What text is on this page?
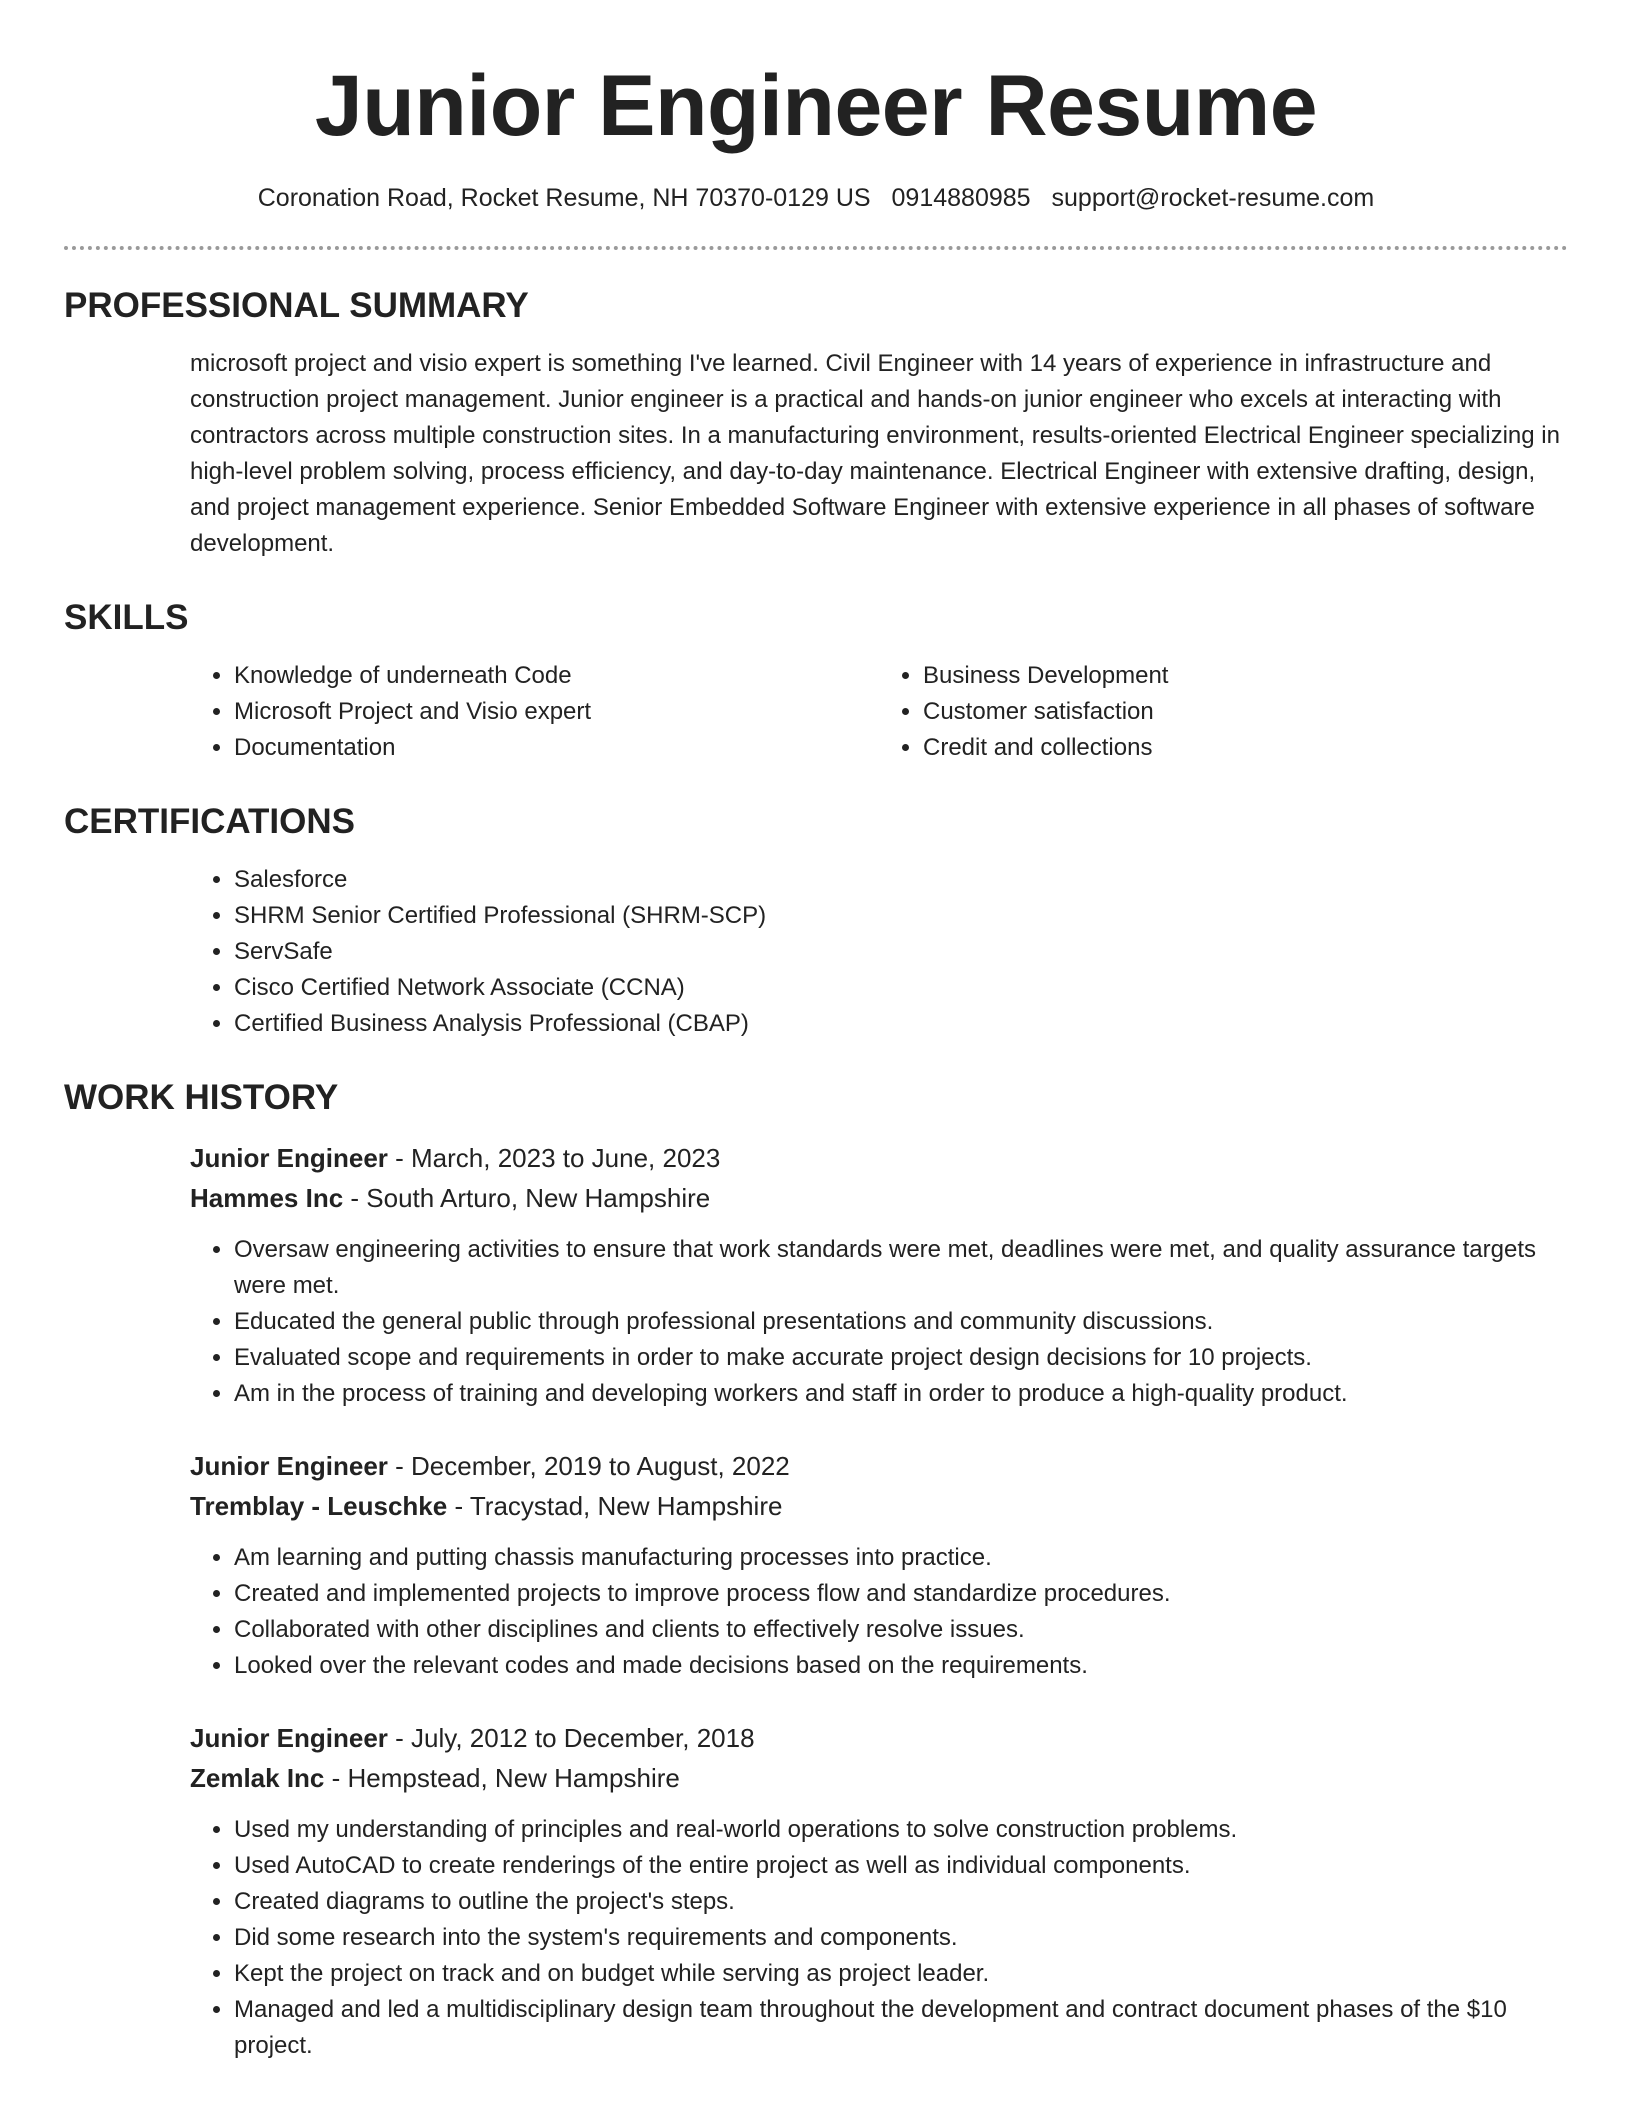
Junior Engineer Resume
Coronation Road, Rocket Resume, NH 70370-0129 US 0914880985 support@rocket-resume.com
PROFESSIONAL SUMMARY

microsoft project and visio expert is something I've learned. Civil Engineer with 14 years of experience in infrastructure and construction project management. Junior engineer is a practical and hands-on junior engineer who excels at interacting with contractors across multiple construction sites. In a manufacturing environment, results-oriented Electrical Engineer specializing in high-level problem solving, process efficiency, and day-to-day maintenance. Electrical Engineer with extensive drafting, design, and project management experience. Senior Embedded Software Engineer with extensive experience in all phases of software development.

SKILLS
• Knowledge of underneath Code
• Microsoft Project and Visio expert
• Documentation
• Business Development
• Customer satisfaction
• Credit and collections
CERTIFICATIONS
• Salesforce
• SHRM Senior Certified Professional (SHRM-SCP)
• ServSafe
• Cisco Certified Network Associate (CCNA)
• Certified Business Analysis Professional (CBAP)
WORK HISTORY
Junior Engineer - March, 2023 to June, 2023
Hammes Inc - South Arturo, New Hampshire
• Oversaw engineering activities to ensure that work standards were met, deadlines were met, and quality assurance targets were met.
• Educated the general public through professional presentations and community discussions.
• Evaluated scope and requirements in order to make accurate project design decisions for 10 projects.
• Am in the process of training and developing workers and staff in order to produce a high-quality product.
Junior Engineer - December, 2019 to August, 2022
Tremblay - Leuschke - Tracystad, New Hampshire
• Am learning and putting chassis manufacturing processes into practice.
• Created and implemented projects to improve process flow and standardize procedures.
• Collaborated with other disciplines and clients to effectively resolve issues.
• Looked over the relevant codes and made decisions based on the requirements.
Junior Engineer - July, 2012 to December, 2018
Zemlak Inc - Hempstead, New Hampshire
• Used my understanding of principles and real-world operations to solve construction problems.
• Used AutoCAD to create renderings of the entire project as well as individual components.
• Created diagrams to outline the project's steps.
• Did some research into the system's requirements and components.
• Kept the project on track and on budget while serving as project leader.
• Managed and led a multidisciplinary design team throughout the development and contract document phases of the $10 project.
